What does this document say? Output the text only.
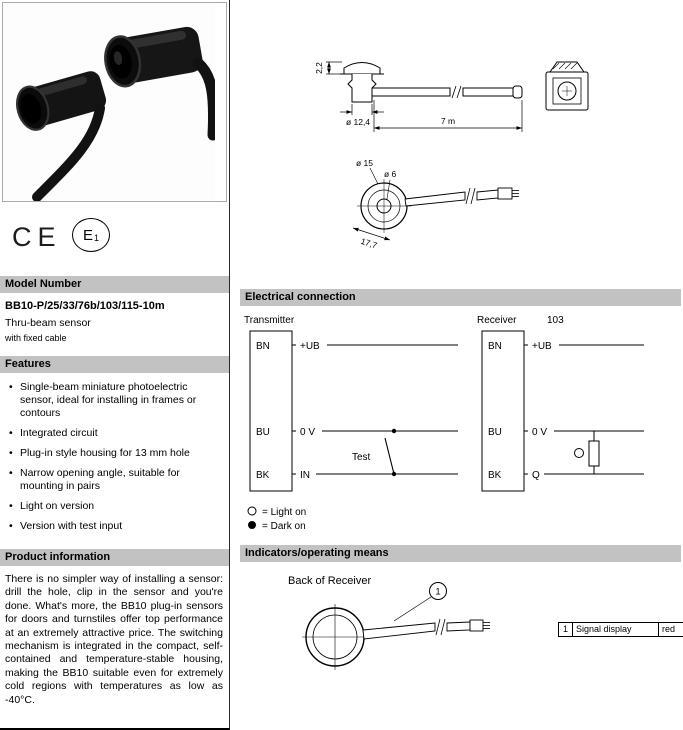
CE E 1
Model Number
BB10-P/25/33/76b/103/115-10m
Thru-beam sensor
with fixed cable
Features
• Single-beam miniature photoelectric sensor, ideal for installing in frames or contours
• Integrated circuit
• Plug-in style housing for 13 mm hole
• Narrow opening angle, suitable for mounting in pairs
• Light on version
• Version with test input
Product information

There is no simpler way of installing a sensor: drill the hole, clip in the sensor and you're done. What's more, the BB10 plug-in sensors for doors and turnstiles offer top performance at an extremely attractive price. The switching mechanism is integrated in the compact, self-contained and temperature-stable housing, making the BB10 suitable even for extremely cold regions with temperatures as low as -40°C.

2,2
ø 12,4	7 m
ø 15
ø 6
17,7
Electrical connection
Transmitter	Receiver	103
BN	+UB
BU	0 V
BK	IN
Test
BN	+UB
BU	0 V
BK	Q
= Light on
= Dark on
Indicators/operating means
Back of Receiver
1
1 Signal display	red
